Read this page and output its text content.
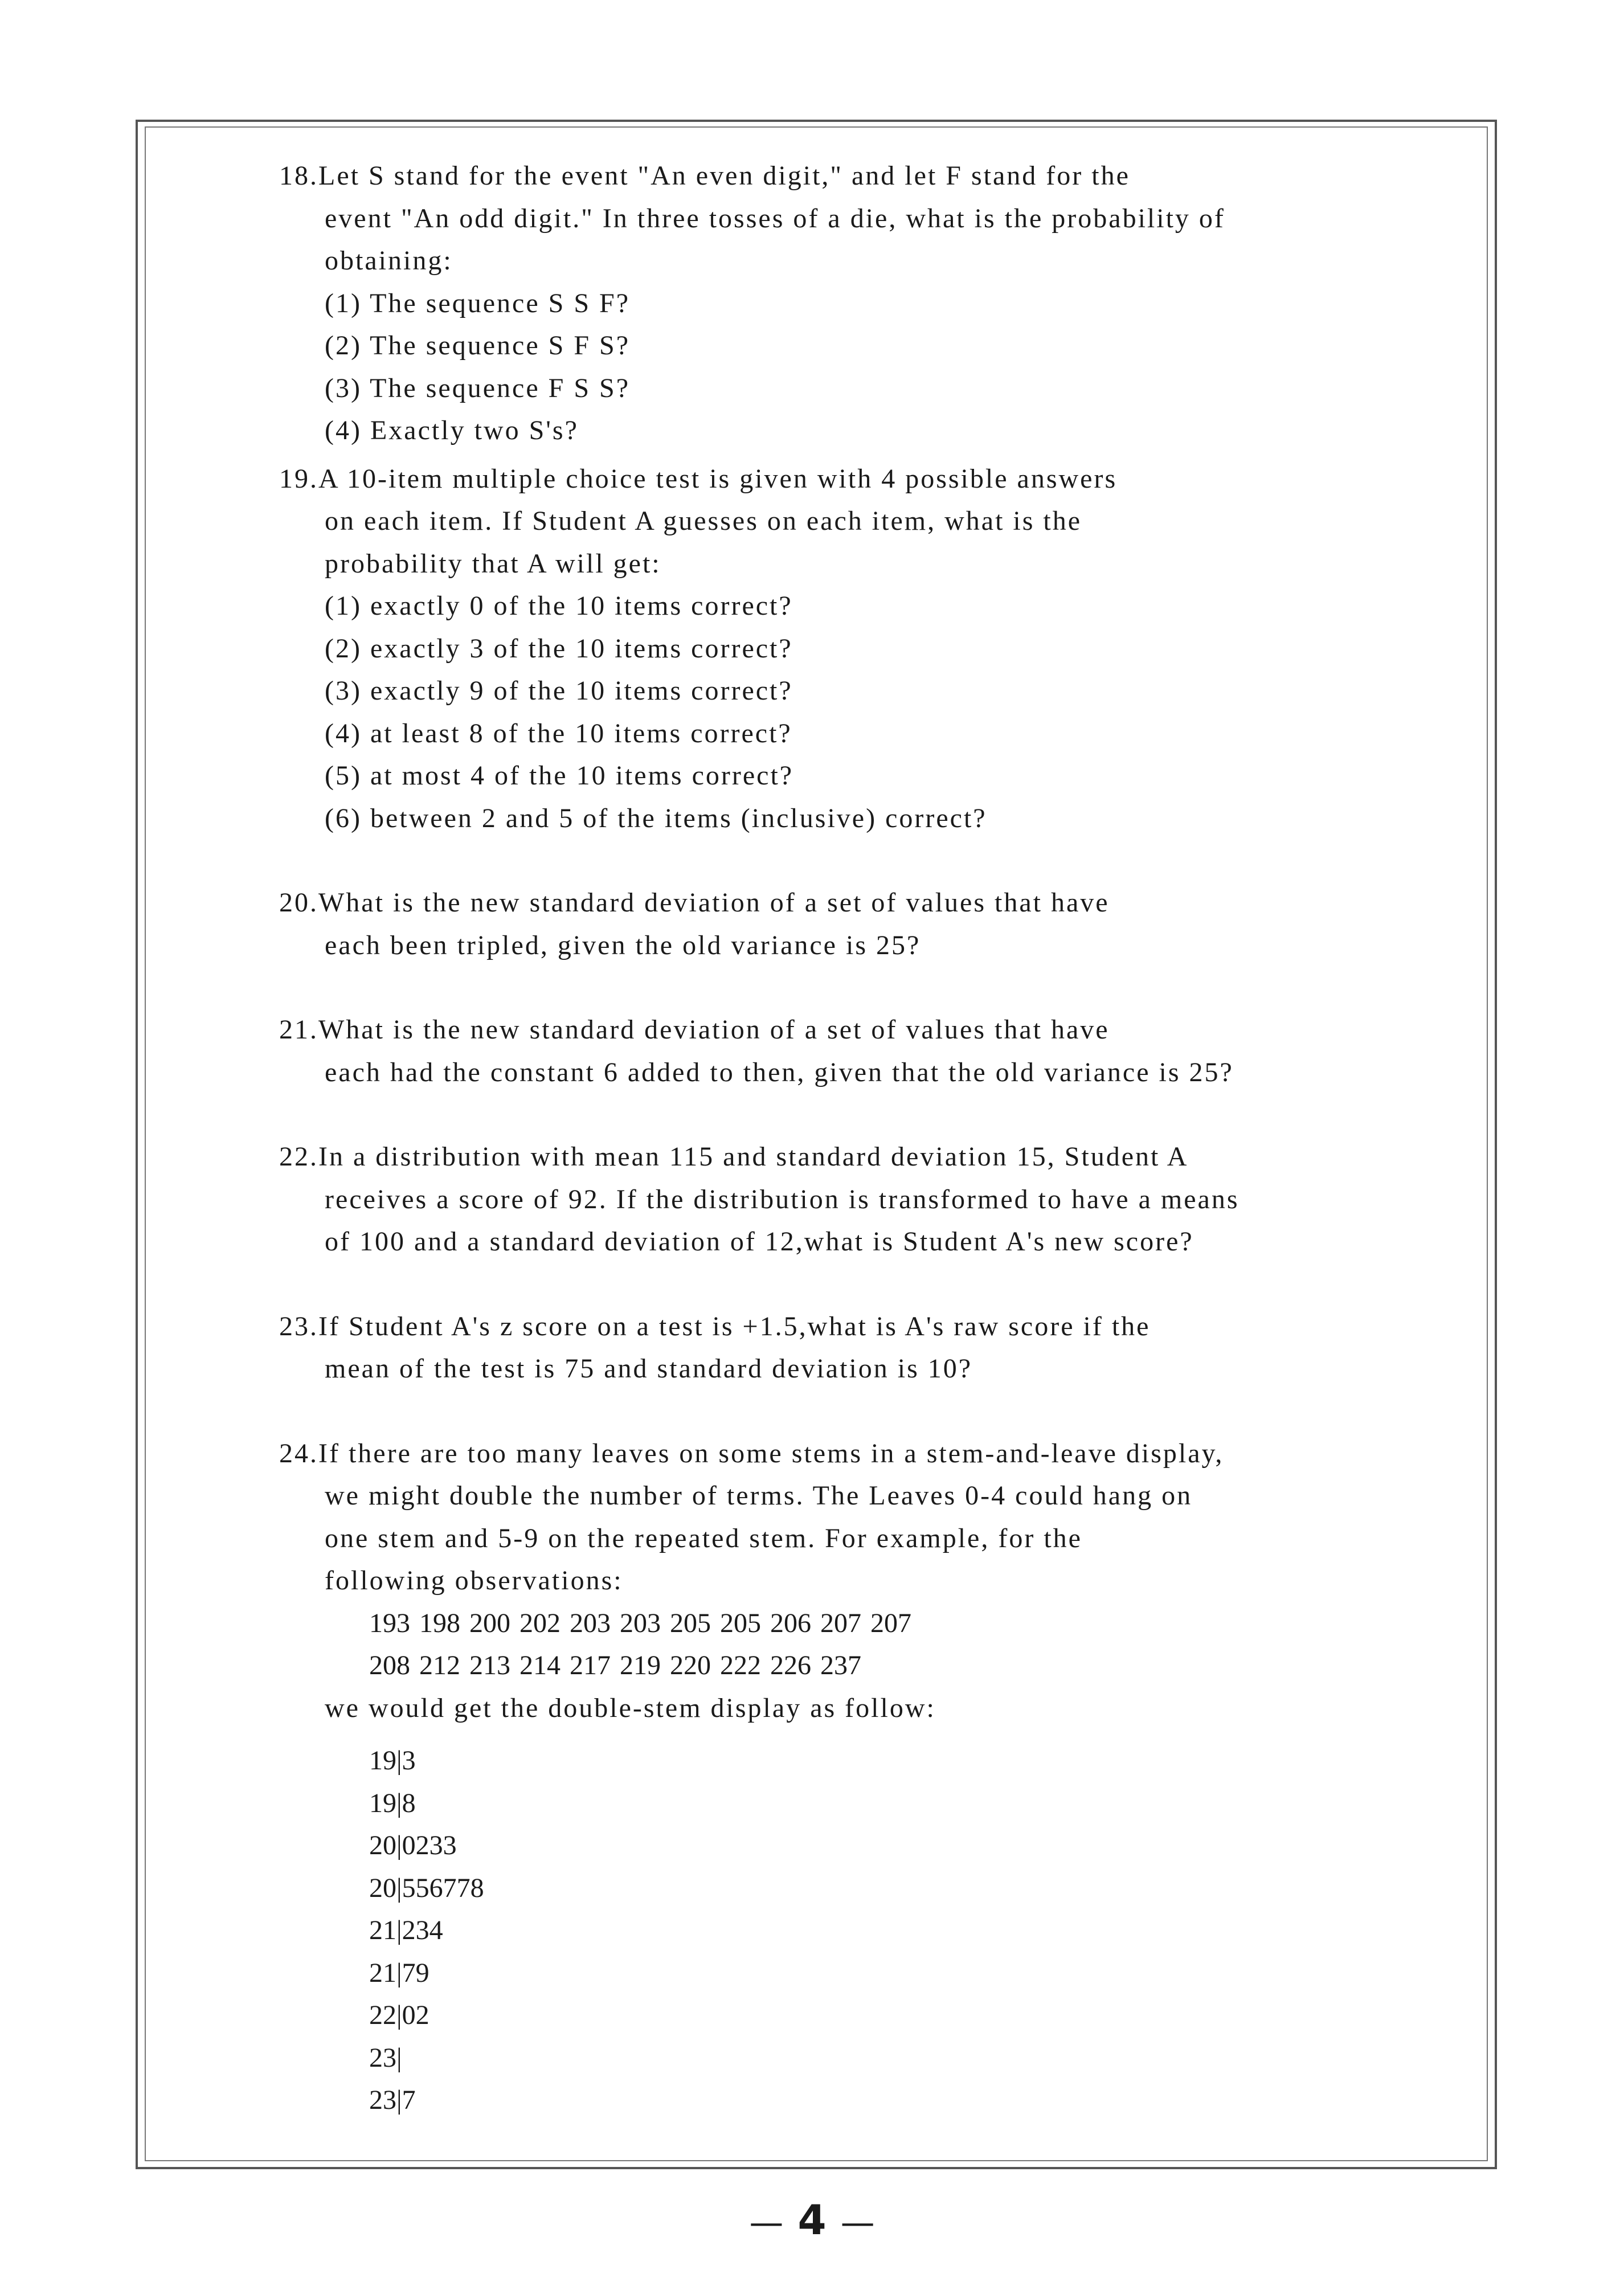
18.Let S stand for the event "An even digit," and let F stand for the
event "An odd digit." In three tosses of a die, what is the probability of
obtaining:
(1) The sequence S S F?
(2) The sequence S F S?
(3) The sequence F S S?
(4) Exactly two S's?
19.A 10-item multiple choice test is given with 4 possible answers
on each item. If Student A guesses on each item, what is the
probability that A will get:
(1) exactly 0 of the 10 items correct?
(2) exactly 3 of the 10 items correct?
(3) exactly 9 of the 10 items correct?
(4) at least 8 of the 10 items correct?
(5) at most 4 of the 10 items correct?
(6) between 2 and 5 of the items (inclusive) correct?
20.What is the new standard deviation of a set of values that have
each been tripled, given the old variance is 25?
21.What is the new standard deviation of a set of values that have
each had the constant 6 added to then, given that the old variance is 25?
22.In a distribution with mean 115 and standard deviation 15, Student A
receives a score of 92. If the distribution is transformed to have a means
of 100 and a standard deviation of 12,what is Student A's new score?
23.If Student A's z score on a test is +1.5,what is A's raw score if the
mean of the test is 75 and standard deviation is 10?
24.If there are too many leaves on some stems in a stem-and-leave display,
we might double the number of terms. The Leaves 0-4 could hang on
one stem and 5-9 on the repeated stem. For example, for the
following observations:
193 198 200 202 203 203 205 205 206 207 207
208 212 213 214 217 219 220 222 226 237
we would get the double-stem display as follow:
19|3
19|8
20|0233
20|556778
21|234
21|79
22|02
23|
23|7
— 4 —
